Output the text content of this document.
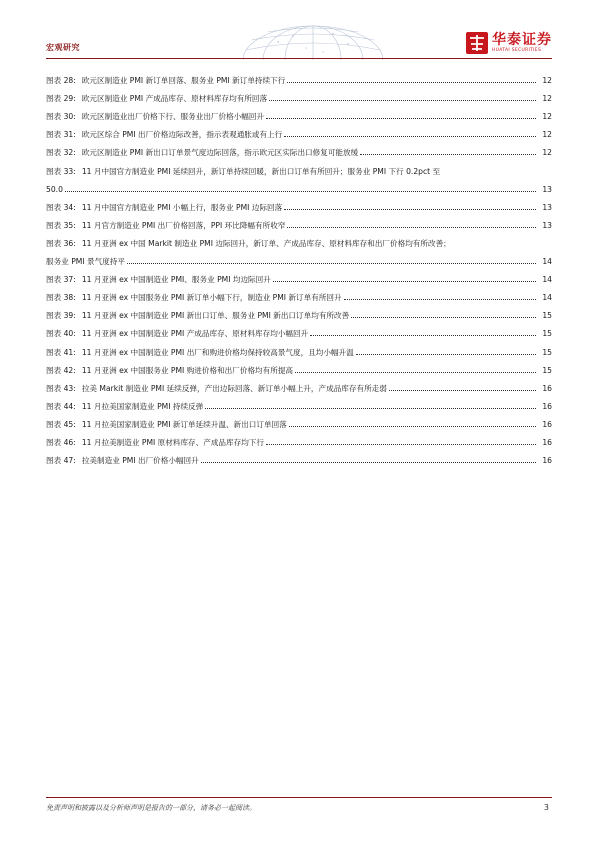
宏观研究	华泰证券
HUATAI SECURITIES
图表 28: 欧元区制造业 PMI 新订单回落、服务业 PMI 新订单持续下行	12
图表 29: 欧元区制造业 PMI 产成品库存、原材料库存均有所回落	12
图表 30: 欧元区制造业出厂价格下行、服务业出厂价格小幅回升	12
图表 31: 欧元区综合 PMI 出厂价格边际改善，指示表观通胀或有上行	12
图表 32: 欧元区制造业 PMI 新出口订单景气度边际回落，指示欧元区实际出口修复可能放缓	12
图表 33: 11 月中国官方制造业 PMI 延续回升，新订单持续回暖，新出口订单有所回升；服务业 PMI 下行 0.2pct 至
50.0	13
图表 34: 11 月中国官方制造业 PMI 小幅上行，服务业 PMI 边际回落	13
图表 35: 11 月官方制造业 PMI 出厂价格回落，PPI 环比降幅有所收窄	13
图表 36: 11 月亚洲 ex 中国 Markit 制造业 PMI 边际回升，新订单、产成品库存、原材料库存和出厂价格均有所改善；
服务业 PMI 景气度持平	14
图表 37: 11 月亚洲 ex 中国制造业 PMI、服务业 PMI 均边际回升	14
图表 38: 11 月亚洲 ex 中国服务业 PMI 新订单小幅下行，制造业 PMI 新订单有所回升	14
图表 39: 11 月亚洲 ex 中国制造业 PMI 新出口订单、服务业 PMI 新出口订单均有所改善	15
图表 40: 11 月亚洲 ex 中国制造业 PMI 产成品库存、原材料库存均小幅回升	15
图表 41: 11 月亚洲 ex 中国制造业 PMI 出厂和购进价格均保持较高景气度，且均小幅升温	15
图表 42: 11 月亚洲 ex 中国服务业 PMI 购进价格和出厂价格均有所提高	15
图表 43: 拉美 Markit 制造业 PMI 延续反弹，产出边际回落、新订单小幅上升，产成品库存有所走弱	16
图表 44: 11 月拉美国家制造业 PMI 持续反弹	16
图表 45: 11 月拉美国家制造业 PMI 新订单延续升温、新出口订单回落	16
图表 46: 11 月拉美制造业 PMI 原材料库存、产成品库存均下行	16
图表 47: 拉美制造业 PMI 出厂价格小幅回升	16
免责声明和披露以及分析师声明是报告的一部分，请务必一起阅读。	3
